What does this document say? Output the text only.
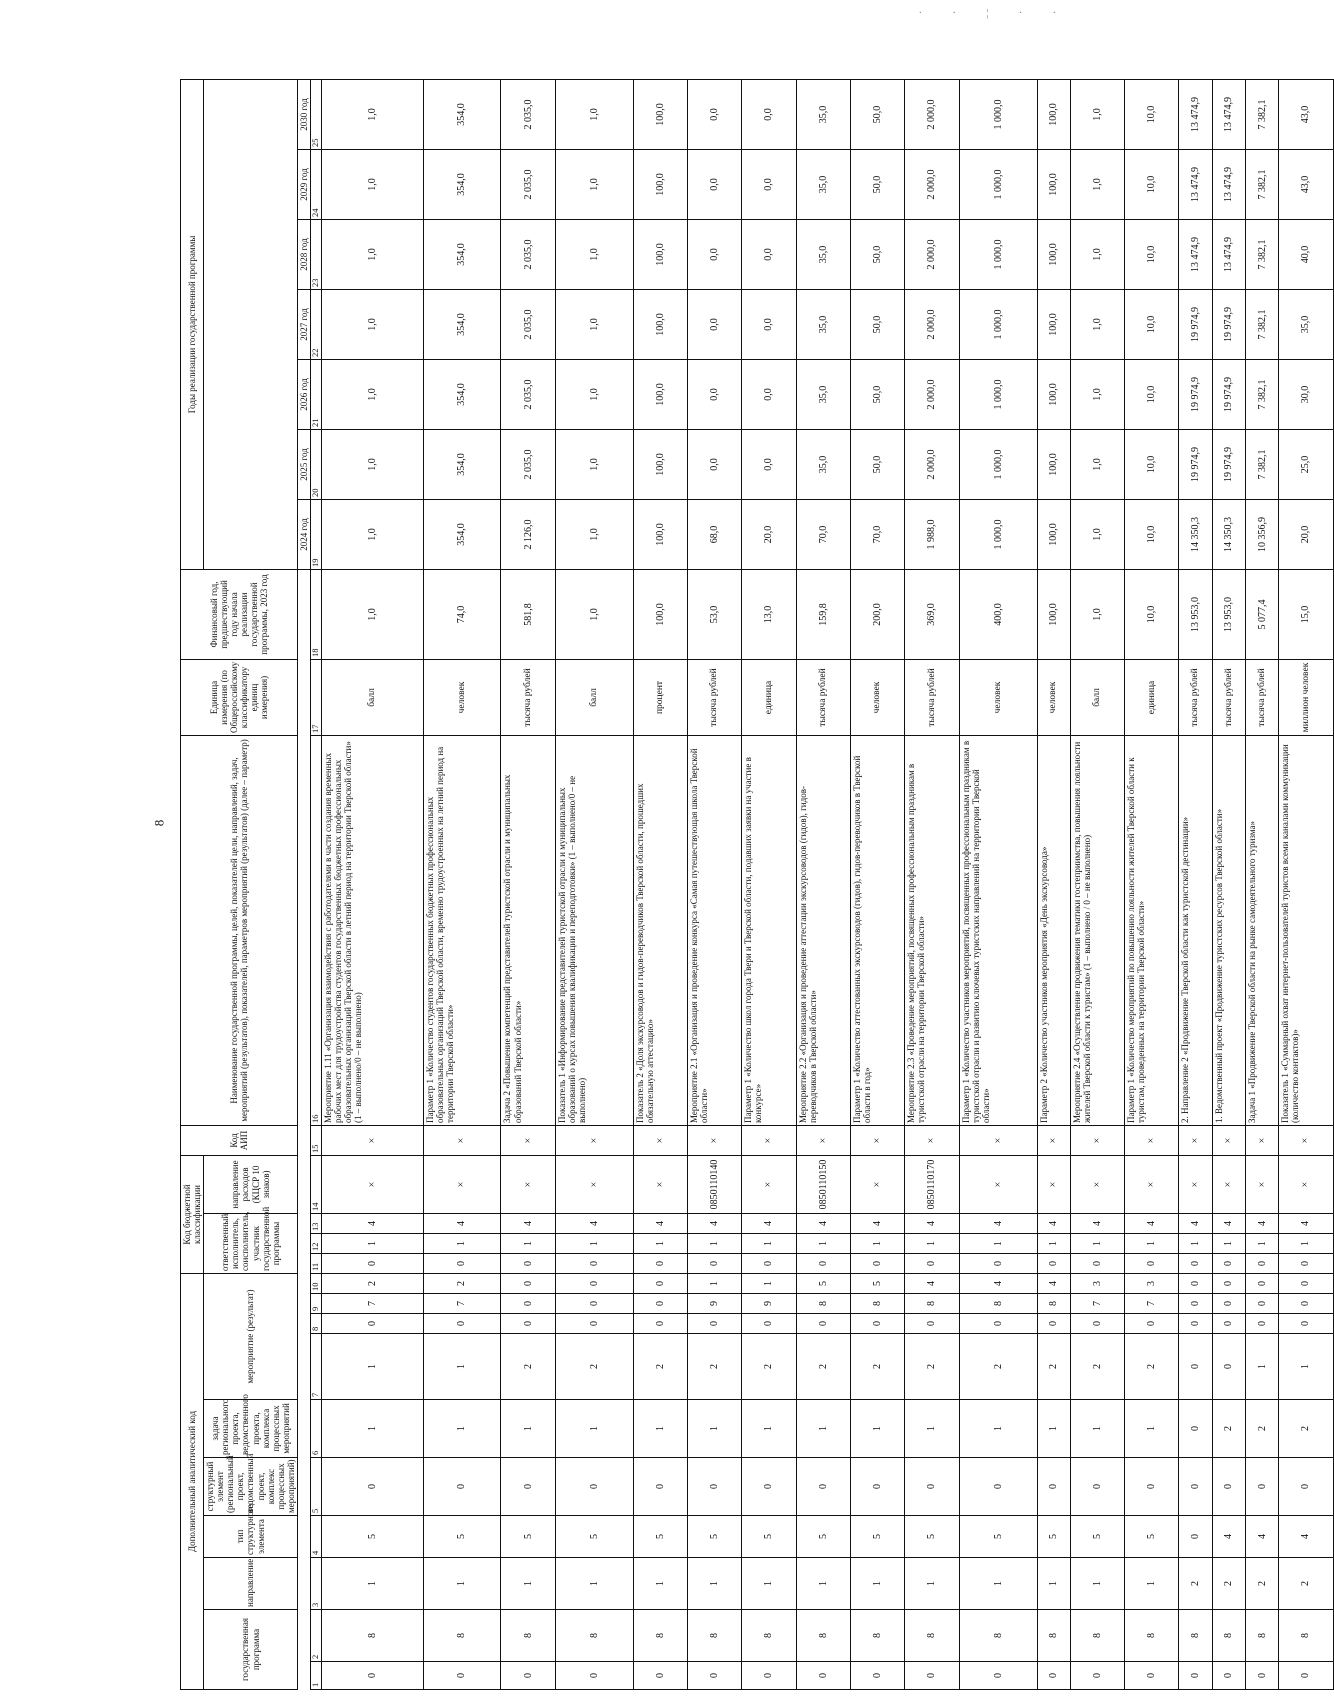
· · ¦ · ·
8
Дополнительный аналитический код										Код бюджетной классификации				Код АИП	Наименование государственной программы, целей, показателей цели, направлений, задач, мероприятий (результатов), показателей, параметров мероприятий (результатов) (далее – параметр)	Единица измерения (по Общероссийскому классификатору единиц измерения)	Финансовый год, предшествующий году начала реализации государственной программы, 2023 год	Годы реализации государственной программы						
государственная программа		направление	тип структурного элемента	структурный элемент (региональный проект, ведомственный проект, комплекс процессных мероприятий)	задача регионального проекта, ведомственного проекта, комплекса процессных мероприятий	мероприятие (результат)				ответственный исполнитель, соисполнитель, участник государственной программы			направление расходов (КЦСР 10 знаков)											

																		2024 год	2025 год	2026 год	2027 год	2028 год	2029 год	2030 год
1	2	3	4	5	6	7	8	9	10	11	12	13	14	15	16	17	18	19	20	21	22	23	24	25
0	8	1	5	0	1	1	0	7	2	0	1	4	×	×	Мероприятие 1.11 «Организация взаимодействия с работодателями в части создания временных рабочих мест для трудоустройства студентов государственных бюджетных профессиональных образовательных организаций Тверской области в летний период на территории Тверской области» (1 – выполнено/0 – не выполнено)	балл	1,0	1,0	1,0	1,0	1,0	1,0	1,0	1,0
0	8	1	5	0	1	1	0	7	2	0	1	4	×	×	Параметр 1 «Количество студентов государственных бюджетных профессиональных образовательных организаций Тверской области, временно трудоустроенных на летний период на территории Тверской области»	человек	74,0	354,0	354,0	354,0	354,0	354,0	354,0	354,0
0	8	1	5	0	1	2	0	0	0	0	1	4	×	×	Задача 2 «Повышение компетенций представителей туристской отрасли и муниципальных образований Тверской области»	тысяча рублей	581,8	2 126,0	2 035,0	2 035,0	2 035,0	2 035,0	2 035,0	2 035,0
0	8	1	5	0	1	2	0	0	0	0	1	4	×	×	Показатель 1 «Информирование представителей туристской отрасли и муниципальных образований о курсах повышения квалификации и переподготовки» (1 – выполнено/0 – не выполнено)	балл	1,0	1,0	1,0	1,0	1,0	1,0	1,0	1,0
0	8	1	5	0	1	2	0	0	0	0	1	4	×	×	Показатель 2 «Доля экскурсоводов и гидов-переводчиков Тверской области, прошедших обязательную аттестацию»	процент	100,0	100,0	100,0	100,0	100,0	100,0	100,0	100,0
0	8	1	5	0	1	2	0	9	1	0	1	4	0850110140	×	Мероприятие 2.1 «Организация и проведение конкурса «Самая путешествующая школа Тверской области»	тысяча рублей	53,0	68,0	0,0	0,0	0,0	0,0	0,0	0,0
0	8	1	5	0	1	2	0	9	1	0	1	4	×	×	Параметр 1 «Количество школ города Твери и Тверской области, подавших заявки на участие в конкурсе»	единица	13,0	20,0	0,0	0,0	0,0	0,0	0,0	0,0
0	8	1	5	0	1	2	0	8	5	0	1	4	0850110150	×	Мероприятие 2.2 «Организация и проведение аттестации экскурсоводов (гидов), гидов-переводчиков в Тверской области»	тысяча рублей	159,8	70,0	35,0	35,0	35,0	35,0	35,0	35,0
0	8	1	5	0	1	2	0	8	5	0	1	4	×	×	Параметр 1 «Количество аттестованных экскурсоводов (гидов), гидов-переводчиков в Тверской области в год»	человек	200,0	70,0	50,0	50,0	50,0	50,0	50,0	50,0
0	8	1	5	0	1	2	0	8	4	0	1	4	0850110170	×	Мероприятие 2.3 «Проведение мероприятий, посвященных профессиональным праздникам в туристской отрасли на территории Тверской области»	тысяча рублей	369,0	1 988,0	2 000,0	2 000,0	2 000,0	2 000,0	2 000,0	2 000,0
0	8	1	5	0	1	2	0	8	4	0	1	4	×	×	Параметр 1 «Количество участников мероприятий, посвященных профессиональным праздникам в туристской отрасли и развитию ключевых туристских направлений на территории Тверской области»	человек	400,0	1 000,0	1 000,0	1 000,0	1 000,0	1 000,0	1 000,0	1 000,0
0	8	1	5	0	1	2	0	8	4	0	1	4	×	×	Параметр 2 «Количество участников мероприятия «День экскурсовода»	человек	100,0	100,0	100,0	100,0	100,0	100,0	100,0	100,0
0	8	1	5	0	1	2	0	7	3	0	1	4	×	×	Мероприятие 2.4 «Осуществление продвижения тематики гостеприимства, повышения лояльности жителей Тверской области к туристам» (1 – выполнено / 0 – не выполнено)	балл	1,0	1,0	1,0	1,0	1,0	1,0	1,0	1,0
0	8	1	5	0	1	2	0	7	3	0	1	4	×	×	Параметр 1 «Количество мероприятий по повышению лояльности жителей Тверской области к туристам, проведенных на территории Тверской области»	единица	10,0	10,0	10,0	10,0	10,0	10,0	10,0	10,0
0	8	2	0	0	0	0	0	0	0	0	1	4	×	×	2. Направление 2 «Продвижение Тверской области как туристской дестинации»	тысяча рублей	13 953,0	14 350,3	19 974,9	19 974,9	19 974,9	13 474,9	13 474,9	13 474,9
0	8	2	4	0	2	0	0	0	0	0	1	4	×	×	1. Ведомственный проект «Продвижение туристских ресурсов Тверской области»	тысяча рублей	13 953,0	14 350,3	19 974,9	19 974,9	19 974,9	13 474,9	13 474,9	13 474,9
0	8	2	4	0	2	1	0	0	0	0	1	4	×	×	Задача 1 «Продвижение Тверской области на рынке самодеятельного туризма»	тысяча рублей	5 077,4	10 356,9	7 382,1	7 382,1	7 382,1	7 382,1	7 382,1	7 382,1
0	8	2	4	0	2	1	0	0	0	0	1	4	×	×	Показатель 1 «Суммарный охват интернет-пользователей туристов всеми каналами коммуникации (количество контактов)»	миллион человек	15,0	20,0	25,0	30,0	35,0	40,0	43,0	43,0
